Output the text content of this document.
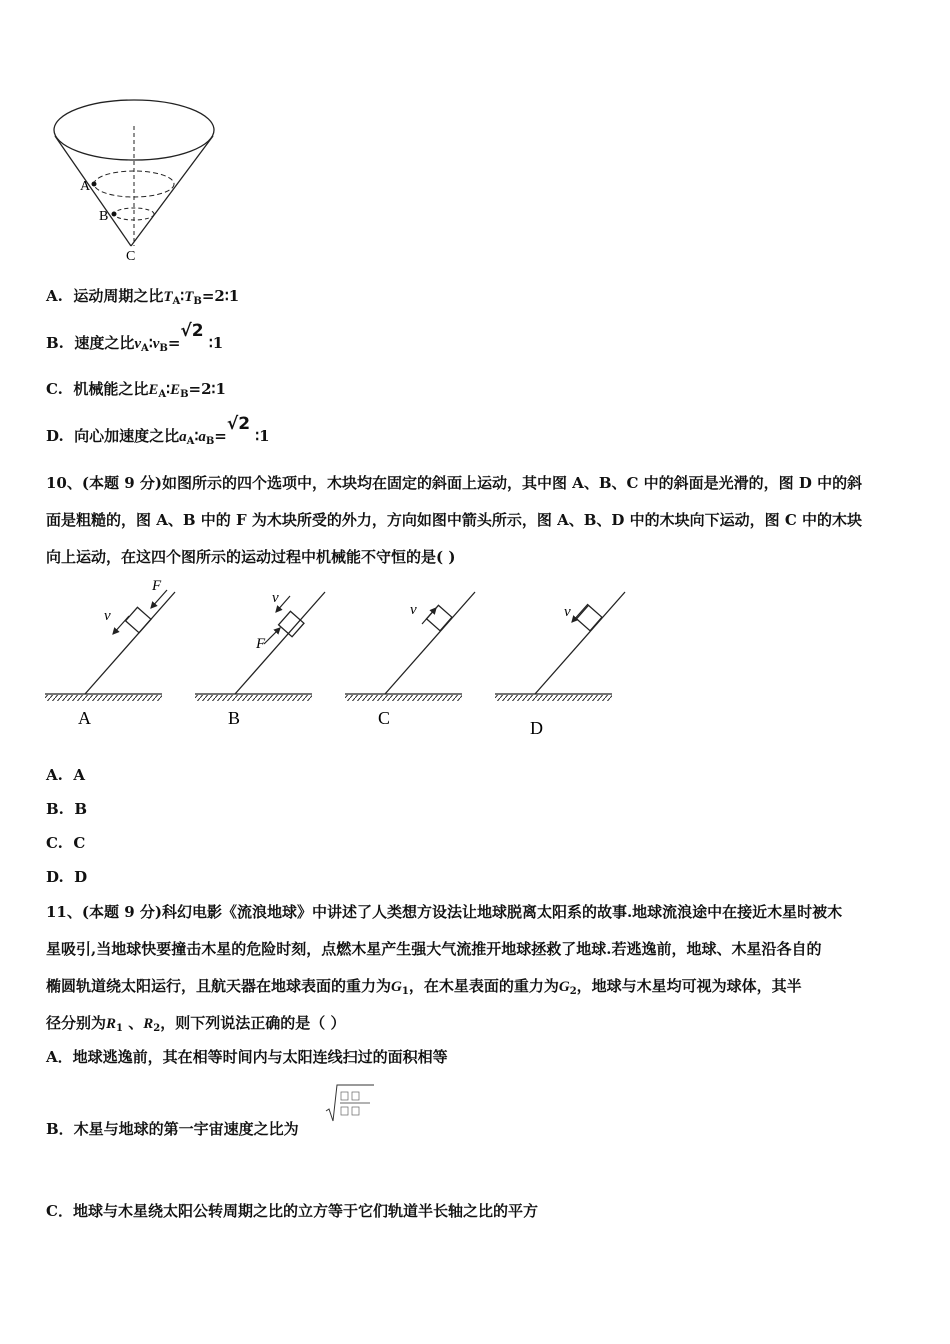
A
B
C
A. 运动周期之比$T_A∶T_B=2∶1$
B. 速度之比$v_A∶v_B=√2$ ∶1
C. 机械能之比$E_A∶E_B=2∶1$
D. 向心加速度之比$a_A∶a_B=√2$ ∶1
10、(本题 9 分)如图所示的四个选项中，木块均在固定的斜面上运动，其中图 A、B、C 中的斜面是光滑的，图 D 中的斜
面是粗糙的，图 A、B 中的 F 为木块所受的外力，方向如图中箭头所示，图 A、B、D 中的木块向下运动，图 C 中的木块
向上运动，在这四个图所示的运动过程中机械能不守恒的是( )
F
v
A
v
F
B
v
C
v
D
A. A
B. B
C. C
D. D
11、(本题 9 分)科幻电影《流浪地球》中讲述了人类想方设法让地球脱离太阳系的故事.地球流浪途中在接近木星时被木
星吸引,当地球快要撞击木星的危险时刻，点燃木星产生强大气流推开地球拯救了地球.若逃逸前，地球、木星沿各自的
椭圆轨道绕太阳运行，且航天器在地球表面的重力为$G_1$，在木星表面的重力为$G_2$，地球与木星均可视为球体，其半
径分别为$R_1$ 、$R_2$，则下列说法正确的是（ ）
A．地球逃逸前，其在相等时间内与太阳连线扫过的面积相等
B．木星与地球的第一宇宙速度之比为
C．地球与木星绕太阳公转周期之比的立方等于它们轨道半长轴之比的平方
